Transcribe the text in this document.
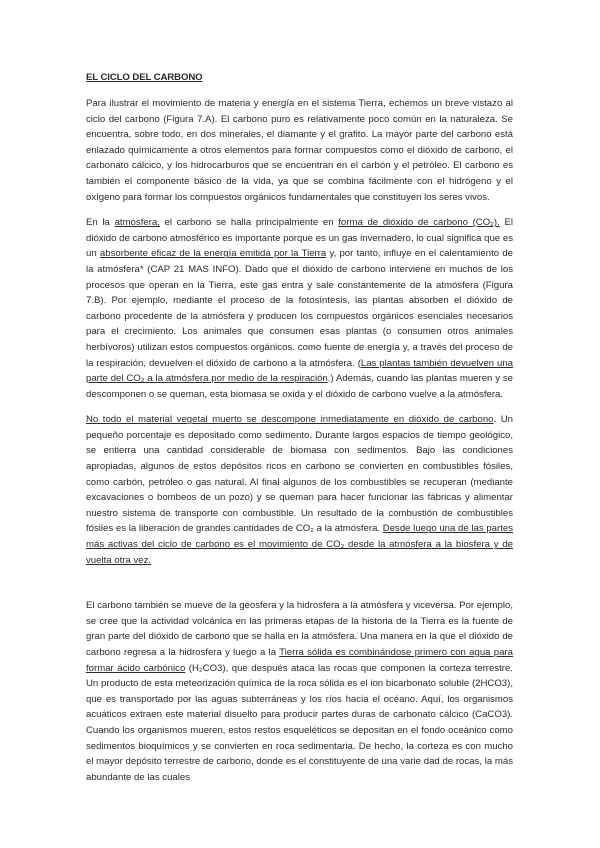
EL CICLO DEL CARBONO

Para ilustrar el movimiento de materia y energía en el sistema Tierra, echemos un breve vistazo al ciclo del carbono (Figura 7.A). El carbono puro es relativamente poco común en la naturaleza. Se encuentra, sobre todo, en dos minerales, el diamante y el grafito. La mayor parte del carbono está enlazado químicamente a otros elementos para formar compuestos como el dióxido de carbono, el carbonato cálcico, y los hidrocarburos que se encuentran en el carbón y el petróleo. El carbono es también el componente básico de la vida, ya que se combina fácilmente con el hidrógeno y el oxígeno para formar los compuestos orgánicos fundamentales que constituyen los seres vivos.

En la atmósfera, el carbono se halla principalmente en forma de dióxido de carbono (CO₂). El dióxido de carbono atmosférico es importante porque es un gas invernadero, lo cual significa que es un absorbente eficaz de la energía emitida por la Tierra y, por tanto, influye en el calentamiento de la atmósfera* (CAP 21 MAS INFO). Dado que el dióxido de carbono interviene en muchos de los procesos que operan en la Tierra, este gas entra y sale constantemente de la atmósfera (Figura 7.B). Por ejemplo, mediante el proceso de la fotosíntesis, las plantas absorben el dióxido de carbono procedente de la atmósfera y producen los compuestos orgánicos esenciales necesarios para el crecimiento. Los animales que consumen esas plantas (o consumen otros animales herbívoros) utilizan estos compuestos orgánicos. como fuente de energía y, a través del proceso de la respiración, devuelven el dióxido de carbono a la atmósfera. (Las plantas también devuelven una parte del CO₂ a la atmósfera por medio de la respiración.) Además, cuando las plantas mueren y se descomponen o se queman, esta biomasa se oxida y el dióxido de carbono vuelve a la atmósfera.

No todo el material vegetal muerto se descompone inmediatamente en dióxido de carbono. Un pequeño porcentaje es depositado como sedimento. Durante largos espacios de tiempo geológico, se entierra una cantidad considerable de biomasa con sedimentos. Bajo las condiciones apropiadas, algunos de estos depósitos ricos en carbono se convierten en combustibles fósiles, como carbón, petróleo o gas natural. Al final algunos de los combustibles se recuperan (mediante excavaciones o bombeos de un pozo) y se queman para hacer funcionar las fábricas y alimentar nuestro sistema de transporte con combustible. Un resultado de la combustión de combustibles fósiles es la liberación de grandes cantidades de CO₂ a la atmósfera. Desde luego una de las partes más activas del ciclo de carbono es el movimiento de CO₂ desde la atmósfera a la biosfera y de vuelta otra vez.

El carbono también se mueve de la geosfera y la hidrosfera a la atmósfera y viceversa. Por ejemplo, se cree que la actividad volcánica en las primeras etapas de la historia de la Tierra es la fuente de gran parte del dióxido de carbono que se halla en la atmósfera. Una manera en la que el dióxido de carbono regresa a la hidrosfera y luego a la Tierra sólida es combinándose primero con agua para formar ácido carbónico (H₂CO3), que después ataca las rocas que componen la corteza terrestre. Un producto de esta meteorización química de la roca sólida es el ion bicarbonato soluble (2HCO3), que es transportado por las aguas subterráneas y los ríos hacia el océano. Aquí, los organismos acuáticos extraen este material disuelto para producir partes duras de carbonato cálcico (CaCO3). Cuando los organismos mueren, estos restos esqueléticos se depositan en el fondo oceánico como sedimentos bioquímicos y se convierten en roca sedimentaria. De hecho, la corteza es con mucho el mayor depósito terrestre de carbono, donde es el constituyente de una varie dad de rocas, la más abundante de las cuales
